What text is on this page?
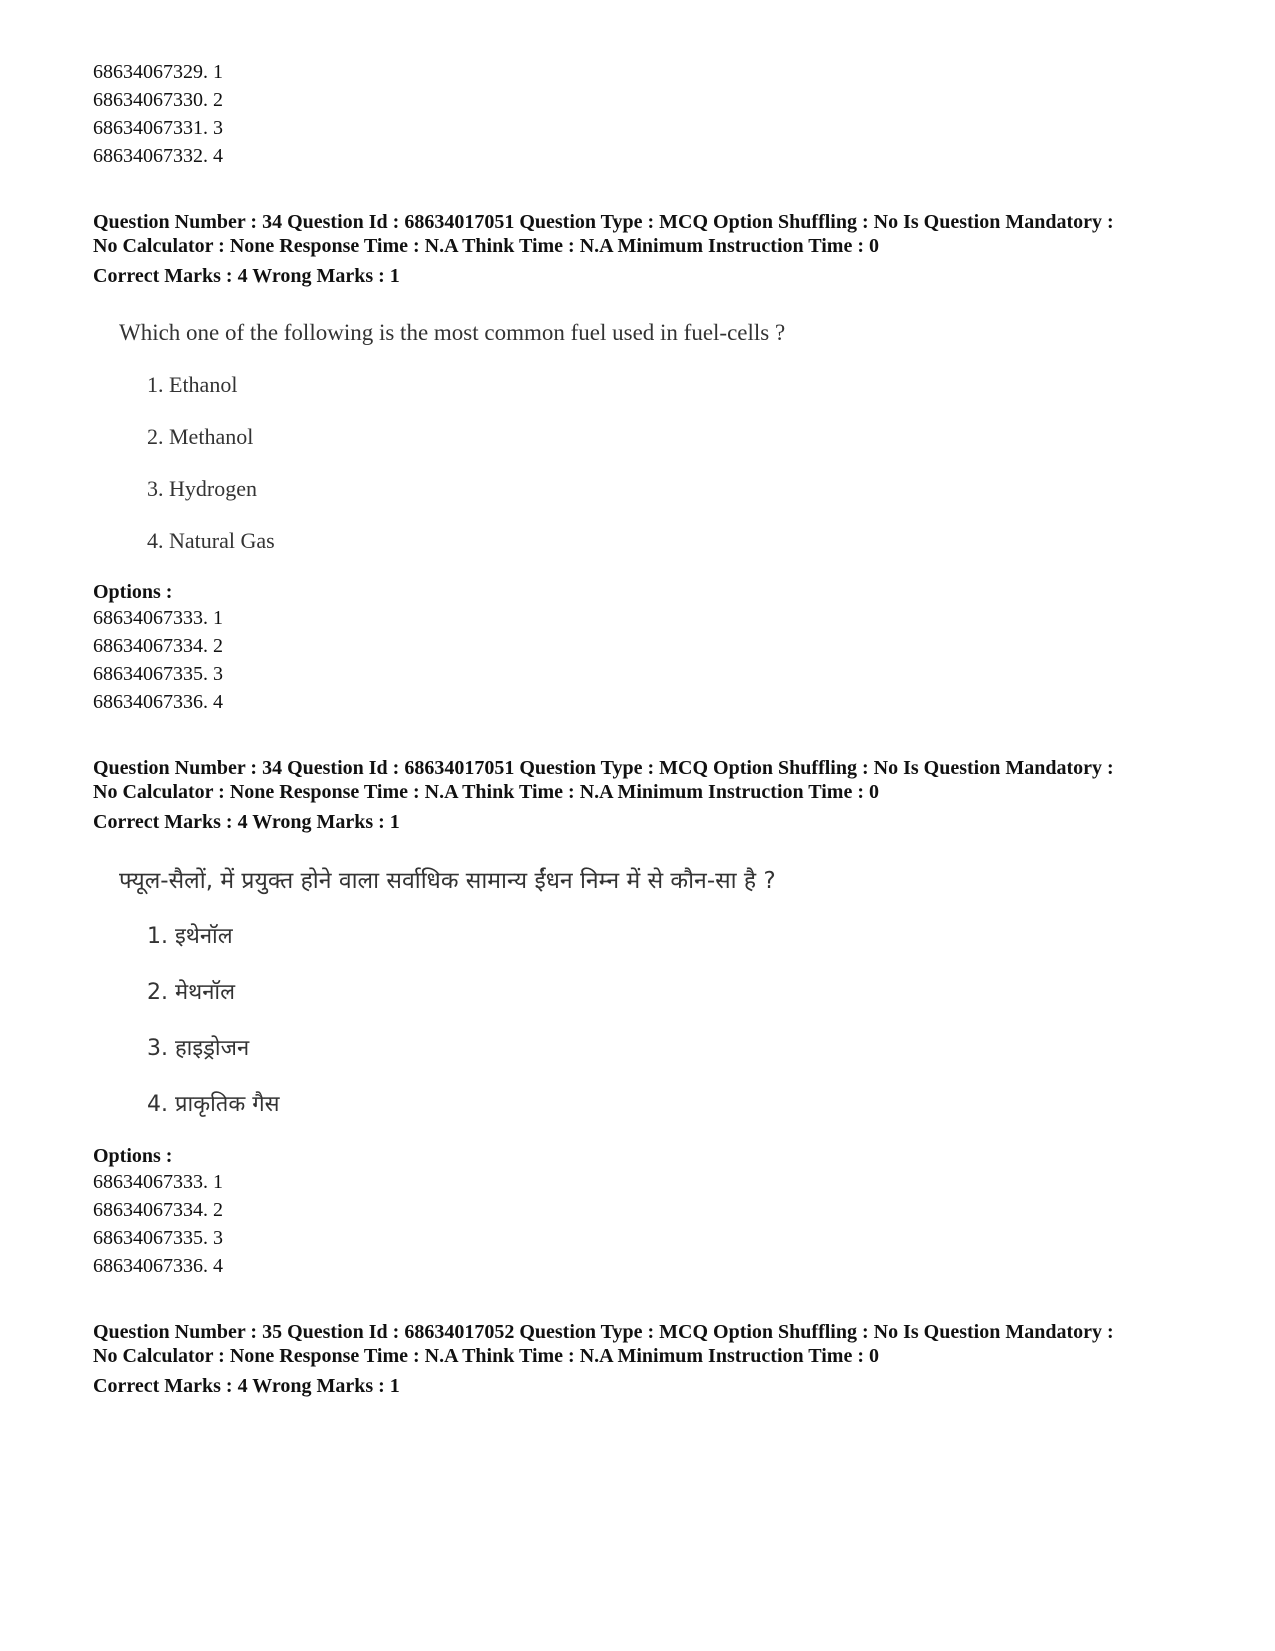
68634067329. 1
68634067330. 2
68634067331. 3
68634067332. 4
Question Number : 34 Question Id : 68634017051 Question Type : MCQ Option Shuffling : No Is Question Mandatory :
No Calculator : None Response Time : N.A Think Time : N.A Minimum Instruction Time : 0
Correct Marks : 4 Wrong Marks : 1
Which one of the following is the most common fuel used in fuel-cells ?
1. Ethanol
2. Methanol
3. Hydrogen
4. Natural Gas
Options :
68634067333. 1
68634067334. 2
68634067335. 3
68634067336. 4
Question Number : 34 Question Id : 68634017051 Question Type : MCQ Option Shuffling : No Is Question Mandatory :
No Calculator : None Response Time : N.A Think Time : N.A Minimum Instruction Time : 0
Correct Marks : 4 Wrong Marks : 1
फ्यूल-सैलों, में प्रयुक्त होने वाला सर्वाधिक सामान्य ईंधन निम्न में से कौन-सा है ?
1. इथेनॉल
2. मेथनॉल
3. हाइड्रोजन
4. प्राकृतिक गैस
Options :
68634067333. 1
68634067334. 2
68634067335. 3
68634067336. 4
Question Number : 35 Question Id : 68634017052 Question Type : MCQ Option Shuffling : No Is Question Mandatory :
No Calculator : None Response Time : N.A Think Time : N.A Minimum Instruction Time : 0
Correct Marks : 4 Wrong Marks : 1
